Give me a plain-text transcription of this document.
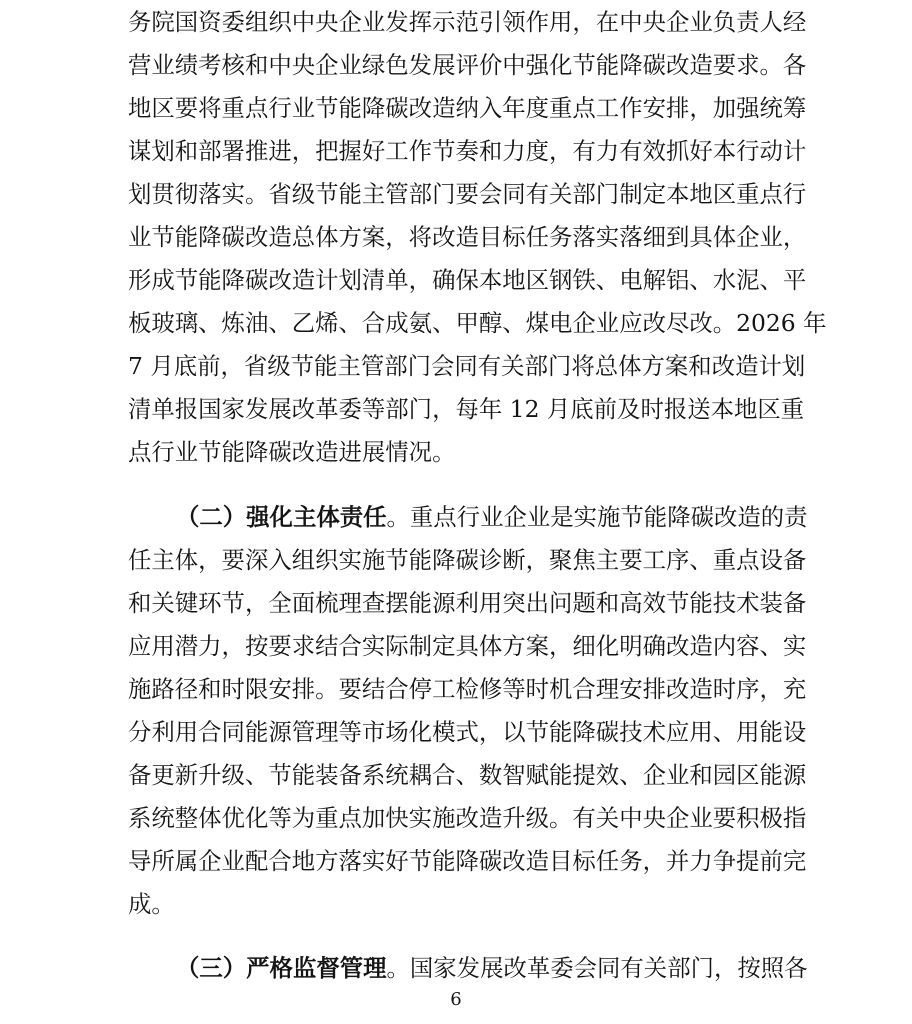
务院国资委组织中央企业发挥示范引领作用，在中央企业负责人经
营业绩考核和中央企业绿色发展评价中强化节能降碳改造要求。各
地区要将重点行业节能降碳改造纳入年度重点工作安排，加强统筹
谋划和部署推进，把握好工作节奏和力度，有力有效抓好本行动计
划贯彻落实。省级节能主管部门要会同有关部门制定本地区重点行
业节能降碳改造总体方案，将改造目标任务落实落细到具体企业，
形成节能降碳改造计划清单，确保本地区钢铁、电解铝、水泥、平
板玻璃、炼油、乙烯、合成氨、甲醇、煤电企业应改尽改。2026 年
7 月底前，省级节能主管部门会同有关部门将总体方案和改造计划
清单报国家发展改革委等部门，每年 12 月底前及时报送本地区重
点行业节能降碳改造进展情况。
（二）强化主体责任。重点行业企业是实施节能降碳改造的责
任主体，要深入组织实施节能降碳诊断，聚焦主要工序、重点设备
和关键环节，全面梳理查摆能源利用突出问题和高效节能技术装备
应用潜力，按要求结合实际制定具体方案，细化明确改造内容、实
施路径和时限安排。要结合停工检修等时机合理安排改造时序，充
分利用合同能源管理等市场化模式，以节能降碳技术应用、用能设
备更新升级、节能装备系统耦合、数智赋能提效、企业和园区能源
系统整体优化等为重点加快实施改造升级。有关中央企业要积极指
导所属企业配合地方落实好节能降碳改造目标任务，并力争提前完
成。
（三）严格监督管理。国家发展改革委会同有关部门，按照各
6
